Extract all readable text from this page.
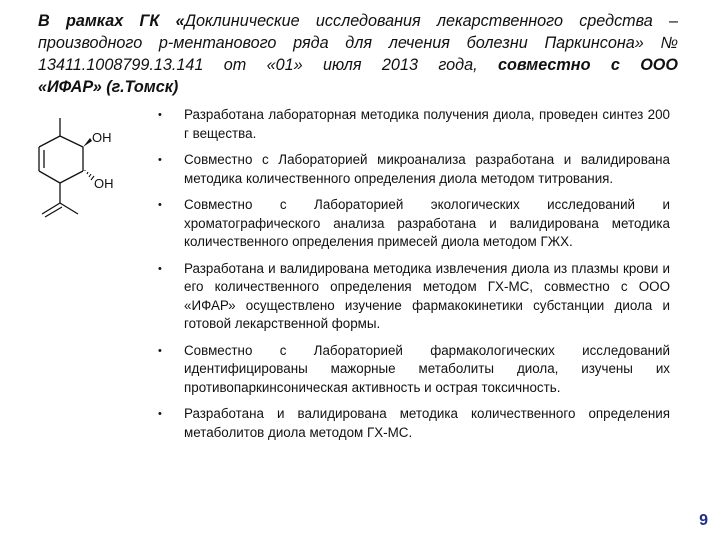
В рамках ГК «Доклинические исследования лекарственного средства –
производного р-ментанового ряда для лечения болезни Паркинсона» №
13411.1008799.13.141 от «01» июля 2013 года, совместно с ООО
«ИФАР» (г.Томск)
OH
OH
• Разработана лабораторная методика получения диола, проведен синтез 200 г вещества.
• Совместно с Лабораторией микроанализа разработана и валидирована методика количественного определения диола методом титрования.
• Совместно с Лабораторией экологических исследований и хроматографического анализа разработана и валидирована методика количественного определения примесей диола методом ГЖХ.
• Разработана и валидирована методика извлечения диола из плазмы крови и его количественного определения методом ГХ-МС, совместно с ООО «ИФАР» осуществлено изучение фармакокинетики субстанции диола и готовой лекарственной формы.
• Совместно с Лабораторией фармакологических исследований идентифицированы мажорные метаболиты диола, изучены их противопаркинсоническая активность и острая токсичность.
• Разработана и валидирована методика количественного определения метаболитов диола методом ГХ-МС.
9
